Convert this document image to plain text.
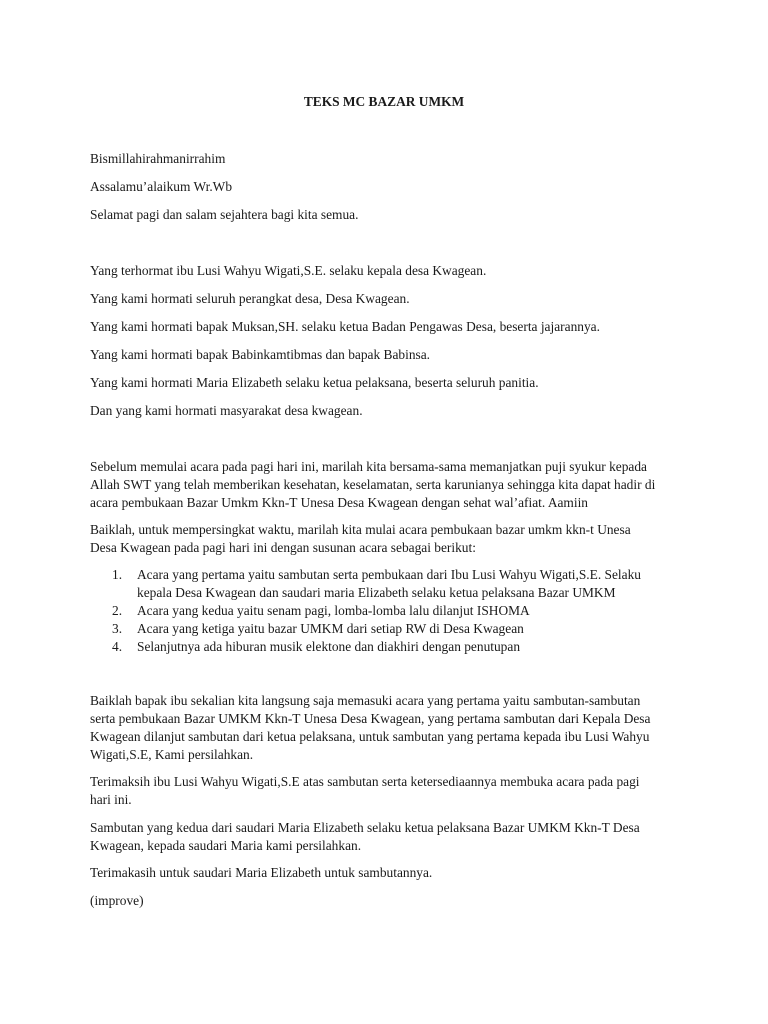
TEKS MC BAZAR UMKM
Bismillahirahmanirrahim
Assalamu’alaikum Wr.Wb
Selamat pagi dan salam sejahtera bagi kita semua.
Yang terhormat ibu Lusi Wahyu Wigati,S.E. selaku kepala desa Kwagean.
Yang kami hormati seluruh perangkat desa, Desa Kwagean.
Yang kami hormati bapak Muksan,SH. selaku ketua Badan Pengawas Desa, beserta jajarannya.
Yang kami hormati bapak Babinkamtibmas dan bapak Babinsa.
Yang kami hormati Maria Elizabeth selaku ketua pelaksana, beserta seluruh panitia.
Dan yang kami hormati masyarakat desa kwagean.

Sebelum memulai acara pada pagi hari ini, marilah kita bersama-sama memanjatkan puji syukur kepada

Allah SWT yang telah memberikan kesehatan, keselamatan, serta karunianya sehingga kita dapat hadir di

acara pembukaan Bazar Umkm Kkn-T Unesa Desa Kwagean dengan sehat wal’afiat. Aamiin

Baiklah, untuk mempersingkat waktu, marilah kita mulai acara pembukaan bazar umkm kkn-t Unesa

Desa Kwagean pada pagi hari ini dengan susunan acara sebagai berikut:

1. Acara yang pertama yaitu sambutan serta pembukaan dari Ibu Lusi Wahyu Wigati,S.E. Selaku
kepala Desa Kwagean dan saudari maria Elizabeth selaku ketua pelaksana Bazar UMKM
2. Acara yang kedua yaitu senam pagi, lomba-lomba lalu dilanjut ISHOMA
3. Acara yang ketiga yaitu bazar UMKM dari setiap RW di Desa Kwagean
4. Selanjutnya ada hiburan musik elektone dan diakhiri dengan penutupan

Baiklah bapak ibu sekalian kita langsung saja memasuki acara yang pertama yaitu sambutan-sambutan

serta pembukaan Bazar UMKM Kkn-T Unesa Desa Kwagean, yang pertama sambutan dari Kepala Desa

Kwagean dilanjut sambutan dari ketua pelaksana, untuk sambutan yang pertama kepada ibu Lusi Wahyu

Wigati,S.E, Kami persilahkan.

Terimaksih ibu Lusi Wahyu Wigati,S.E atas sambutan serta ketersediaannya membuka acara pada pagi

hari ini.

Sambutan yang kedua dari saudari Maria Elizabeth selaku ketua pelaksana Bazar UMKM Kkn-T Desa

Kwagean, kepada saudari Maria kami persilahkan.

Terimakasih untuk saudari Maria Elizabeth untuk sambutannya.
(improve)
